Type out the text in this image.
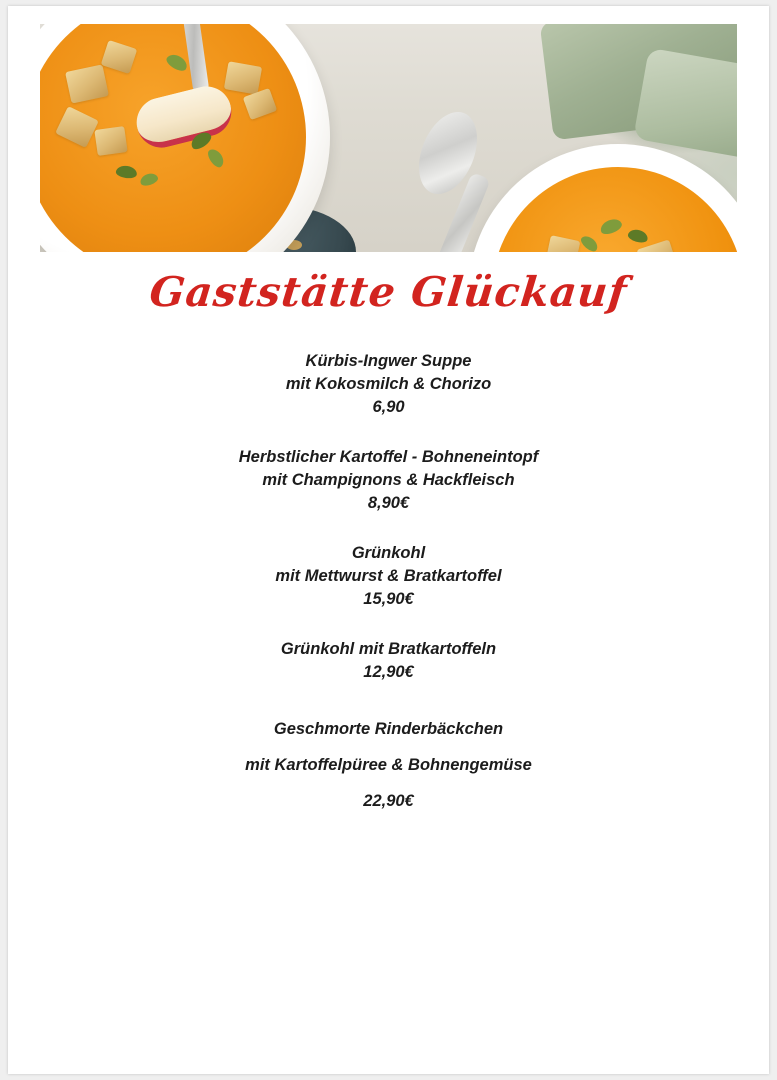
Gaststätte Glückauf
Kürbis-Ingwer Suppe
mit Kokosmilch & Chorizo
6,90
Herbstlicher Kartoffel - Bohneneintopf
mit Champignons & Hackfleisch
8,90€
Grünkohl
mit Mettwurst & Bratkartoffel
15,90€
Grünkohl mit Bratkartoffeln
12,90€
Geschmorte Rinderbäckchen
mit Kartoffelpüree & Bohnengemüse
22,90€
